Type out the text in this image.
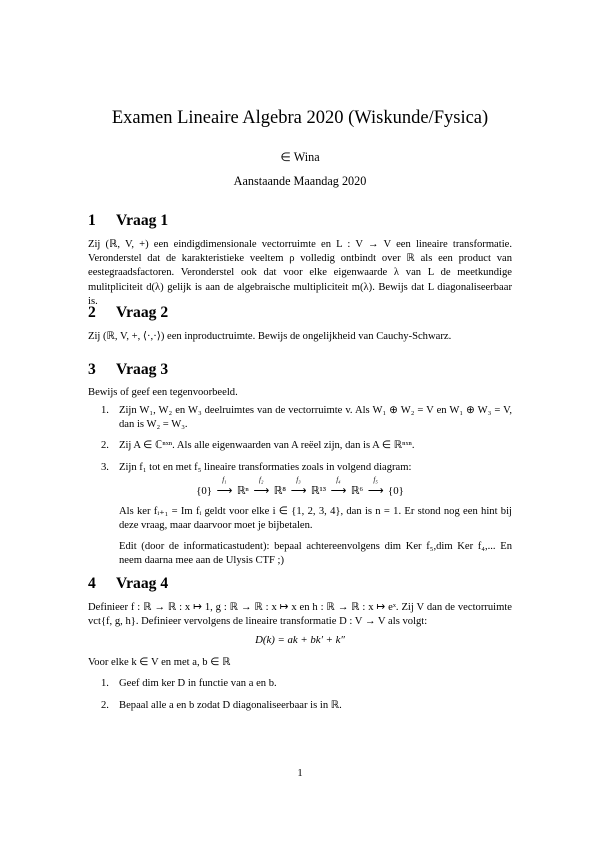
Examen Lineaire Algebra 2020 (Wiskunde/Fysica)
∈ Wina
Aanstaande Maandag 2020
1 Vraag 1
Zij (ℝ, V, +) een eindigdimensionale vectorruimte en L : V → V een lineaire transformatie. Veronderstel dat de karakteristieke veeltem ρ volledig ontbindt over ℝ als een product van eestegraadsfactoren. Veronderstel ook dat voor elke eigenwaarde λ van L de meetkundige mulitpliciteit d(λ) gelijk is aan de algebraische multipliciteit m(λ). Bewijs dat L diagonaliseerbaar is.
2 Vraag 2
Zij (ℝ, V, +, ⟨·,·⟩) een inproductruimte. Bewijs de ongelijkheid van Cauchy-Schwarz.
3 Vraag 3
Bewijs of geef een tegenvoorbeeld.
1. Zijn W₁, W₂ en W₃ deelruimtes van de vectorruimte v. Als W₁ ⊕ W₂ = V en W₁ ⊕ W₃ = V, dan is W₂ = W₃.
2. Zij A ∈ ℂⁿˣⁿ. Als alle eigenwaarden van A reëel zijn, dan is A ∈ ℝⁿˣⁿ.
3. Zijn f₁ tot en met f₅ lineaire transformaties zoals in volgend diagram:
{0}
f₁
⟶ ℝⁿ
f₂
⟶ ℝ⁸
f₃
⟶ ℝ¹³
f₄
⟶ ℝ⁶
f₅
⟶ {0}
Als ker fᵢ₊₁ = Im fᵢ geldt voor elke i ∈ {1, 2, 3, 4}, dan is n = 1. Er stond nog een hint bij deze vraag, maar daarvoor moet je bijbetalen.
Edit (door de informaticastudent): bepaal achtereenvolgens dim Ker f₅,dim Ker f₄,... En neem daarna mee aan de Ulysis CTF ;)
4 Vraag 4
Definieer f : ℝ → ℝ : x ↦ 1, g : ℝ → ℝ : x ↦ x en h : ℝ → ℝ : x ↦ eˣ. Zij V dan de vectorruimte vct{f, g, h}. Definieer vervolgens de lineaire transformatie D : V → V als volgt:
D(k) = ak + bk′ + k″
Voor elke k ∈ V en met a, b ∈ ℝ
1. Geef dim ker D in functie van a en b.
2. Bepaal alle a en b zodat D diagonaliseerbaar is in ℝ.
1
